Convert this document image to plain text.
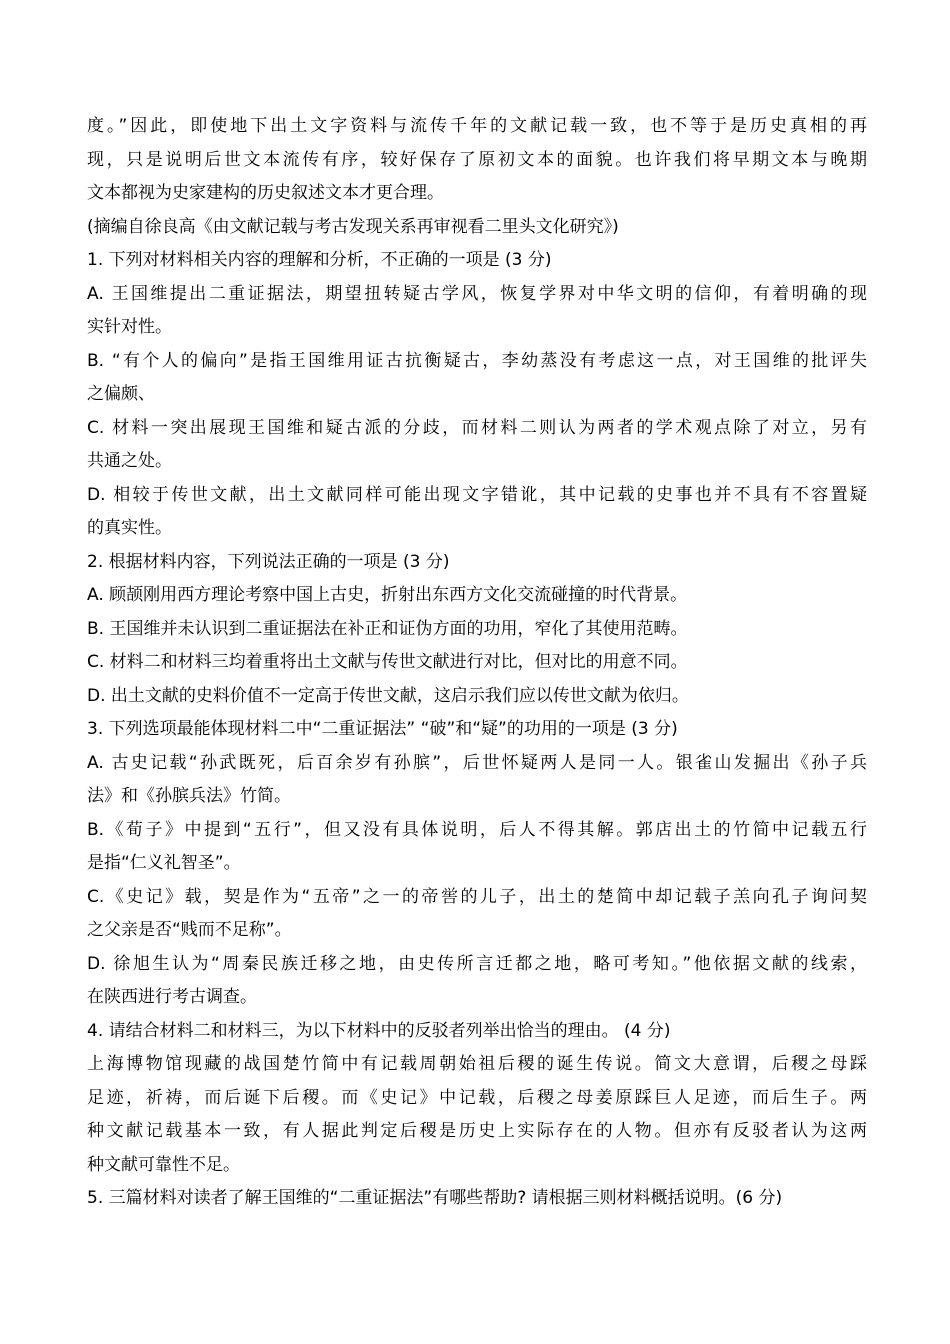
度。”因此，即使地下出土文字资料与流传千年的文献记载一致，也不等于是历史真相的再
现，只是说明后世文本流传有序，较好保存了原初文本的面貌。也许我们将早期文本与晚期
文本都视为史家建构的历史叙述文本才更合理。
(摘编自徐良高《由文献记载与考古发现关系再审视看二里头文化研究》)
1. 下列对材料相关内容的理解和分析，不正确的一项是 (3 分)
A. 王国维提出二重证据法，期望扭转疑古学风，恢复学界对中华文明的信仰，有着明确的现
实针对性。
B. “有个人的偏向”是指王国维用证古抗衡疑古，李幼蒸没有考虑这一点，对王国维的批评失
之偏颇、
C. 材料一突出展现王国维和疑古派的分歧，而材料二则认为两者的学术观点除了对立，另有
共通之处。
D. 相较于传世文献，出土文献同样可能出现文字错讹，其中记载的史事也并不具有不容置疑
的真实性。
2. 根据材料内容，下列说法正确的一项是 (3 分)
A. 顾颉刚用西方理论考察中国上古史，折射出东西方文化交流碰撞的时代背景。
B. 王国维并未认识到二重证据法在补正和证伪方面的功用，窄化了其使用范畴。
C. 材料二和材料三均着重将出土文献与传世文献进行对比，但对比的用意不同。
D. 出土文献的史料价值不一定高于传世文献，这启示我们应以传世文献为依归。
3. 下列选项最能体现材料二中“二重证据法” “破”和“疑”的功用的一项是 (3 分)
A. 古史记载“孙武既死，后百余岁有孙膑”，后世怀疑两人是同一人。银雀山发掘出《孙子兵
法》和《孙膑兵法》竹简。
B.《荀子》中提到“五行”，但又没有具体说明，后人不得其解。郭店出土的竹简中记载五行
是指“仁义礼智圣”。
C.《史记》载，契是作为“五帝”之一的帝喾的儿子，出土的楚简中却记载子羔向孔子询问契
之父亲是否“贱而不足称”。
D. 徐旭生认为“周秦民族迁移之地，由史传所言迁都之地，略可考知。”他依据文献的线索，
在陕西进行考古调查。
4. 请结合材料二和材料三，为以下材料中的反驳者列举出恰当的理由。 (4 分)
上海博物馆现藏的战国楚竹简中有记载周朝始祖后稷的诞生传说。简文大意谓，后稷之母踩
足迹，祈祷，而后诞下后稷。而《史记》中记载，后稷之母姜原踩巨人足迹，而后生子。两
种文献记载基本一致，有人据此判定后稷是历史上实际存在的人物。但亦有反驳者认为这两
种文献可靠性不足。
5. 三篇材料对读者了解王国维的“二重证据法”有哪些帮助? 请根据三则材料概括说明。(6 分)
